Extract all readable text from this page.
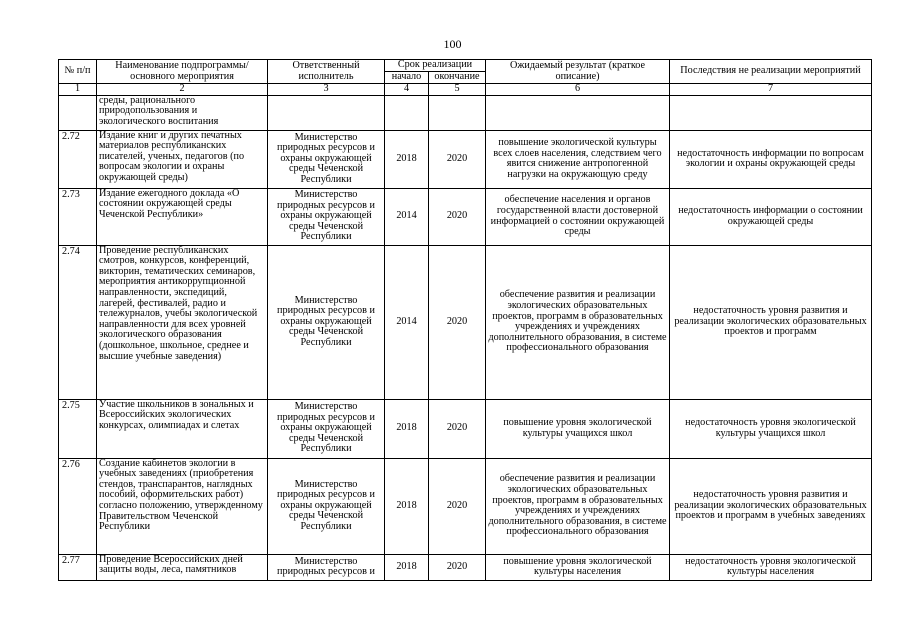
100
№ п/п	Наименование подпрограммы/ основного мероприятия	Ответственный исполнитель	Срок реализации		Ожидаемый результат (краткое описание)	Последствия не реализации мероприятий
			начало	окончание		
1	2	3	4	5	6	7
	среды, рационального природопользования и экологического воспитания					
2.72	Издание книг и других печатных материалов республиканских писателей, ученых, педагогов (по вопросам экологии и охраны окружающей среды)	Министерство природных ресурсов и охраны окружающей среды Чеченской Республики	2018	2020	повышение экологической культуры всех слоев населения, следствием чего явится снижение антропогенной нагрузки на окружающую среду	недостаточность информации по вопросам экологии и охраны окружающей среды
2.73	Издание ежегодного доклада «О состоянии окружающей среды Чеченской Республики»	Министерство природных ресурсов и охраны окружающей среды Чеченской Республики	2014	2020	обеспечение населения и органов государственной власти достоверной информацией о состоянии окружающей среды	недостаточность информации о состоянии окружающей среды
2.74	Проведение республиканских смотров, конкурсов, конференций, викторин, тематических семинаров, мероприятия антикоррупционной направленности, экспедиций, лагерей, фестивалей, радио и тележурналов, учебы экологической направленности для всех уровней экологического образования (дошкольное, школьное, среднее и высшие учебные заведения)	Министерство природных ресурсов и охраны окружающей среды Чеченской Республики	2014	2020	обеспечение развития и реализации экологических образовательных проектов, программ в образовательных учреждениях и учреждениях дополнительного образования, в системе профессионального образования	недостаточность уровня развития и реализации экологических образовательных проектов и программ
2.75	Участие школьников в зональных и Всероссийских экологических конкурсах, олимпиадах и слетах	Министерство природных ресурсов и охраны окружающей среды Чеченской Республики	2018	2020	повышение уровня экологической культуры учащихся школ	недостаточность уровня экологической культуры учащихся школ
2.76	Создание кабинетов экологии в учебных заведениях (приобретения стендов, транспарантов, наглядных пособий, оформительских работ) согласно положению, утвержденному Правительством Чеченской Республики	Министерство природных ресурсов и охраны окружающей среды Чеченской Республики	2018	2020	обеспечение развития и реализации экологических образовательных проектов, программ в образовательных учреждениях и учреждениях дополнительного образования, в системе профессионального образования	недостаточность уровня развития и реализации экологических образовательных проектов и программ в учебных заведениях
2.77	Проведение Всероссийских дней защиты воды, леса, памятников	Министерство природных ресурсов и	2018	2020	повышение уровня экологической культуры населения	недостаточность уровня экологической культуры населения
